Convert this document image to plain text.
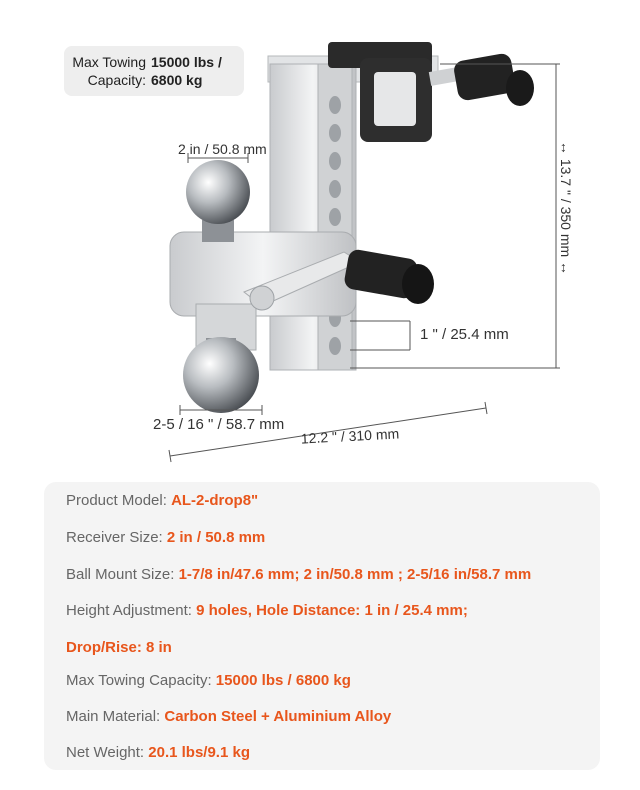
Max Towing 15000 lbs /
Capacity: 6800 kg
2 in / 50.8 mm	↔ 13.7 " / 350 mm ↔
1 " / 25.4 mm
2-5 / 16 " / 58.7 mm
12.2 " / 310 mm
Product Model: AL-2-drop8"
Receiver Size: 2 in / 50.8 mm
Ball Mount Size: 1-7/8 in/47.6 mm; 2 in/50.8 mm ; 2-5/16 in/58.7 mm
Height Adjustment: 9 holes, Hole Distance: 1 in / 25.4 mm;
Drop/Rise: 8 in
Max Towing Capacity: 15000 lbs / 6800 kg
Main Material: Carbon Steel + Aluminium Alloy
Net Weight: 20.1 lbs/9.1 kg
